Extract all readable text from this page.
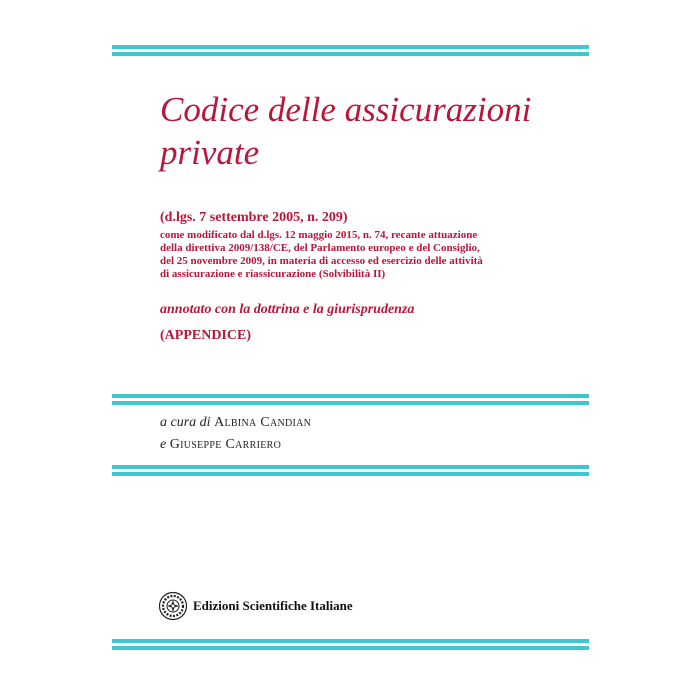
Codice delle assicurazioni
private

(d.lgs. 7 settembre 2005, n. 209)

come modificato dal d.lgs. 12 maggio 2015, n. 74, recante attuazione
della direttiva 2009/138/CE, del Parlamento europeo e del Consiglio,
del 25 novembre 2009, in materia di accesso ed esercizio delle attività
di assicurazione e riassicurazione (Solvibilità II)

annotato con la dottrina e la giurisprudenza

(APPENDICE)

a cura di Albina Candian
e Giuseppe Carriero
Edizioni Scientifiche Italiane
